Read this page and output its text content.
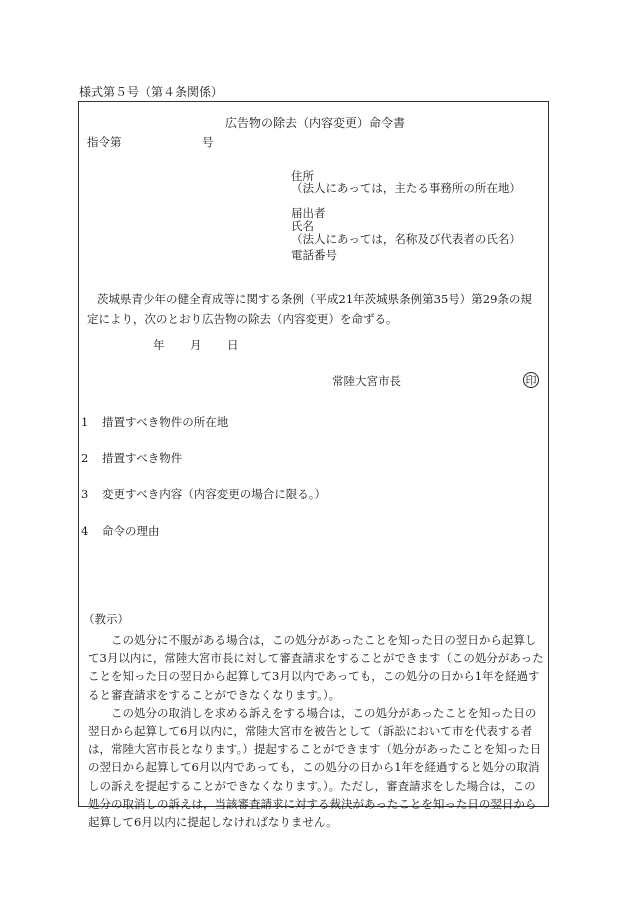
様式第５号（第４条関係）
広告物の除去（内容変更）命令書
指令第	号
住所
（法人にあっては，主たる事務所の所在地）
届出者
氏名
（法人にあっては，名称及び代表者の氏名）
電話番号
茨城県青少年の健全育成等に関する条例（平成21年茨城県条例第35号）第29条の規定により，次のとおり広告物の除去（内容変更）を命ずる。
年 月 日
常陸大宮市長	印
1 措置すべき物件の所在地
2 措置すべき物件
3 変更すべき内容（内容変更の場合に限る。）
4 命令の理由
（教示）

この処分に不服がある場合は，この処分があったことを知った日の翌日から起算して3月以内に，常陸大宮市長に対して審査請求をすることができます（この処分があったことを知った日の翌日から起算して3月以内であっても，この処分の日から1年を経過すると審査請求をすることができなくなります。）。

この処分の取消しを求める訴えをする場合は，この処分があったことを知った日の翌日から起算して6月以内に，常陸大宮市を被告として（訴訟において市を代表する者は，常陸大宮市長となります。）提起することができます（処分があったことを知った日の翌日から起算して6月以内であっても，この処分の日から1年を経過すると処分の取消しの訴えを提起することができなくなります。）。ただし，審査請求をした場合は，この処分の取消しの訴えは，当該審査請求に対する裁決があったことを知った日の翌日から起算して6月以内に提起しなければなりません。
